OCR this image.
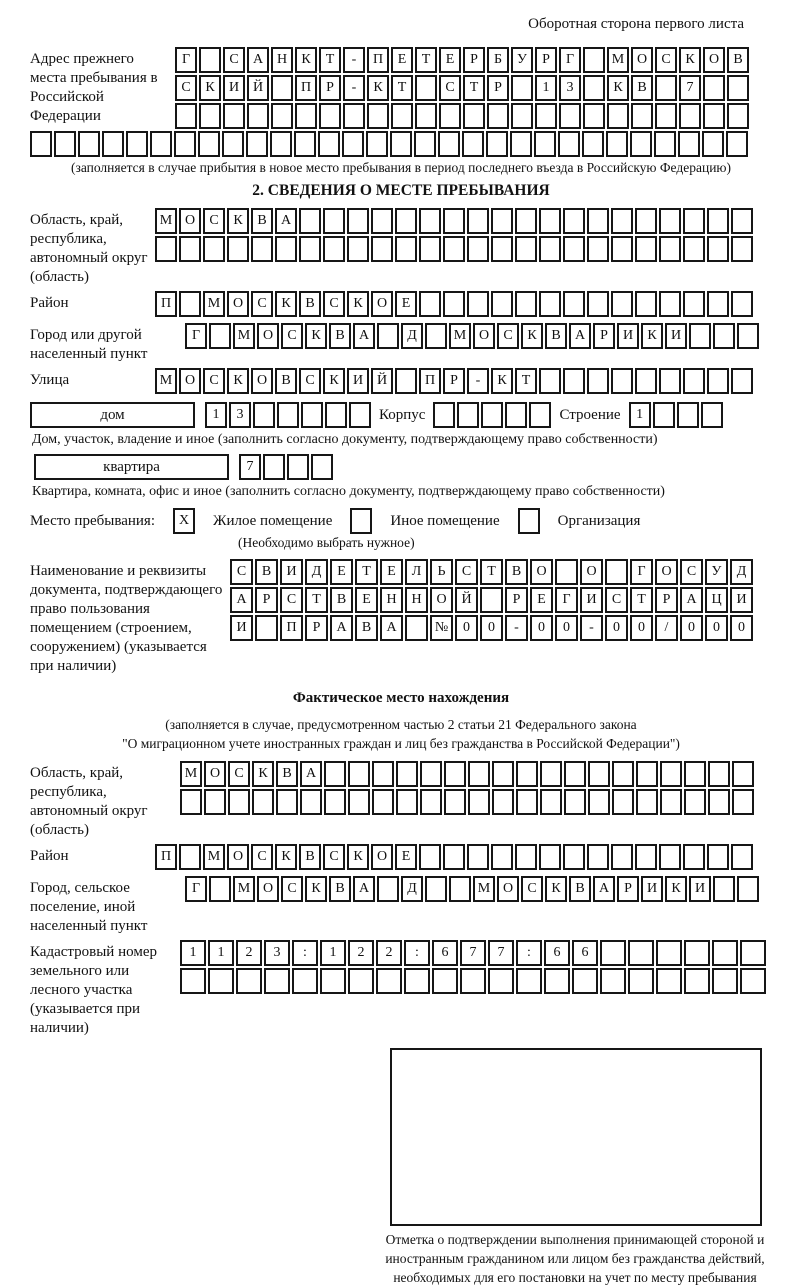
Оборотная сторона первого листа
Адрес прежнего места пребывания в Российской Федерации
Г	С	А Н	К	Т	-	П	Е	Т	Е	Р	Б	У	Р	Г	М О	С	К	О	В
С	К	И Й	П	Р	-	К	Т	С	Т	Р	1	3	К	В	7
(заполняется в случае прибытия в новое место пребывания в период последнего въезда в Российскую Федерацию)
2. СВЕДЕНИЯ О МЕСТЕ ПРЕБЫВАНИЯ
Область, край, республика, автономный округ (область)
М О	С	К	В	А
Район	П	М О	С	К	В	С	К	О	Е
Город или другой населенный пункт
Г	М О	С	К	В	А	Д	М О	С	К	В	А	Р	И	К	И
Улица	М О	С	К	О	В	С	К	И Й	П	Р	-	К	Т
дом	1	3	Корпус	Строение	1
Дом, участок, владение и иное (заполнить согласно документу, подтверждающему право собственности)
квартира	7
Квартира, комната, офис и иное (заполнить согласно документу, подтверждающему право собственности)
Место пребывания:	X	Жилое помещение	Иное помещение	Организация
(Необходимо выбрать нужное)
Наименование и реквизиты документа, подтверждающего право пользования помещением (строением, сооружением) (указывается при наличии)
С	В	И	Д	Е	Т	Е	Л	Ь	С	Т	В	О	О	Г	О	С	У	Д
А	Р	С	Т	В	Е	Н	Н	О	Й	Р	Е	Г	И	С	Т	Р	А	Ц	И
И	П	Р	А	В	А	№	0	0	-	0	0	-	0	0	/	0	0	0
Фактическое место нахождения
(заполняется в случае, предусмотренном частью 2 статьи 21 Федерального закона
"О миграционном учете иностранных граждан и лиц без гражданства в Российской Федерации")
Область, край, республика, автономный округ (область)
М О	С	К	В	А
Район	П	М О	С	К	В	С	К	О	Е
Город, сельское поселение, иной населенный пункт
Г	М О	С	К	В	А	Д	М О	С	К	В	А	Р	И	К	И
Кадастровый номер земельного или лесного участка (указывается при наличии)
1	1	2	3	:	1	2	2	:	6	7	7	:	6	6
Отметка о подтверждении выполнения принимающей стороной и иностранным гражданином или лицом без гражданства действий, необходимых для его постановки на учет по месту пребывания
